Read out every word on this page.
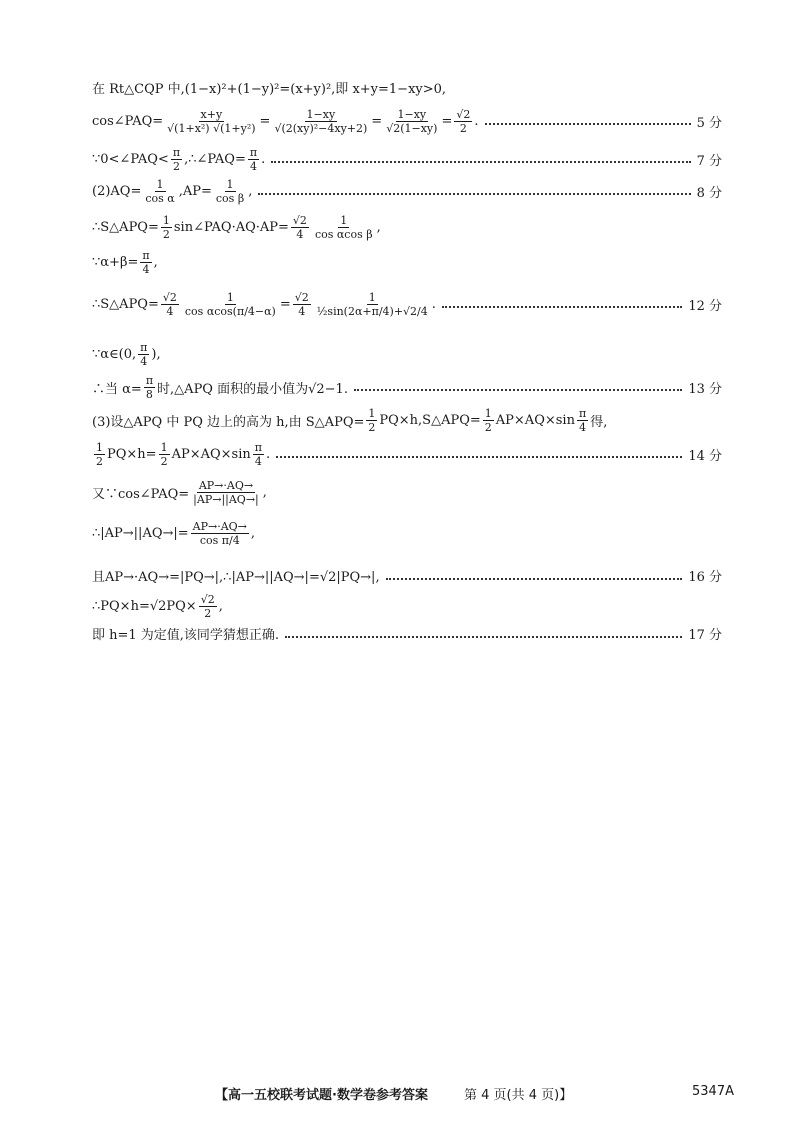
在 Rt△CQP 中,(1−x)²+(1−y)²=(x+y)²,即 x+y=1−xy>0,
cos∠PAQ= $\frac{x+y}{\text{√(1+x²) √(1+y²)}} = \frac{1-xy}{\text{√(2(xy)²−4xy+2)}} = \frac{1-xy}{√2(1-xy)} = \frac{√2}{2}$ .	5 分
∵0<∠PAQ< $\frac{\pi}{2}$ ,∴∠PAQ= $\frac{\pi}{4}$ .	7 分
$(2)AQ= \frac{1}{\text{cos α}} ,AP= \frac{1}{\text{cos β}}$ ,	8 分
∴S△APQ= $\frac{1}{2}$ sin∠PAQ·AQ·AP= $\frac{√2}{4} \frac{1}{\text{cos αcos β}}$ ,
∵α+β= $\frac{\pi}{4}$ ,
∴S△APQ= $\frac{√2}{4} \frac{1}{\text{cos αcos(π/4−α)}} = \frac{√2}{4} \frac{1}{\text{½sin(2α+π/4)+√2/4}}$ .	12 分
∵α∈(0, $\frac{\pi}{4}$ ),
∴当 $\alpha= \frac{\pi}{8}$ 时,△APQ 面积的最小值为√2−1.	13 分
(3)设△APQ 中 PQ 边上的高为 h,由 S△APQ= $\frac{1}{2}$ PQ×h,S△APQ= $\frac{1}{2} AP\times AQ\times\sin \frac{\pi}{4}$ 得,
$\frac{1}{2} PQ\times h= \frac{1}{2} AP\times AQ\times\sin \frac{\pi}{4}$ .	14 分
又∵cos∠PAQ= $\frac{AP\to\cdot AQ\to}{|AP\to||AQ\to|}$ ,
∴|AP→||AQ→|= $\frac{AP\to\cdot AQ\to}{\text{cos π/4}}$ ,
且AP→·AQ→=|PQ→|,∴|AP→||AQ→|=√2|PQ→|,	16 分
∴PQ×h=√2PQ× $\frac{√2}{2}$ ,
即 h=1 为定值,该同学猜想正确.	17 分
【高一五校联考试题·数学卷参考答案	第 4 页(共 4 页)】	5347A
